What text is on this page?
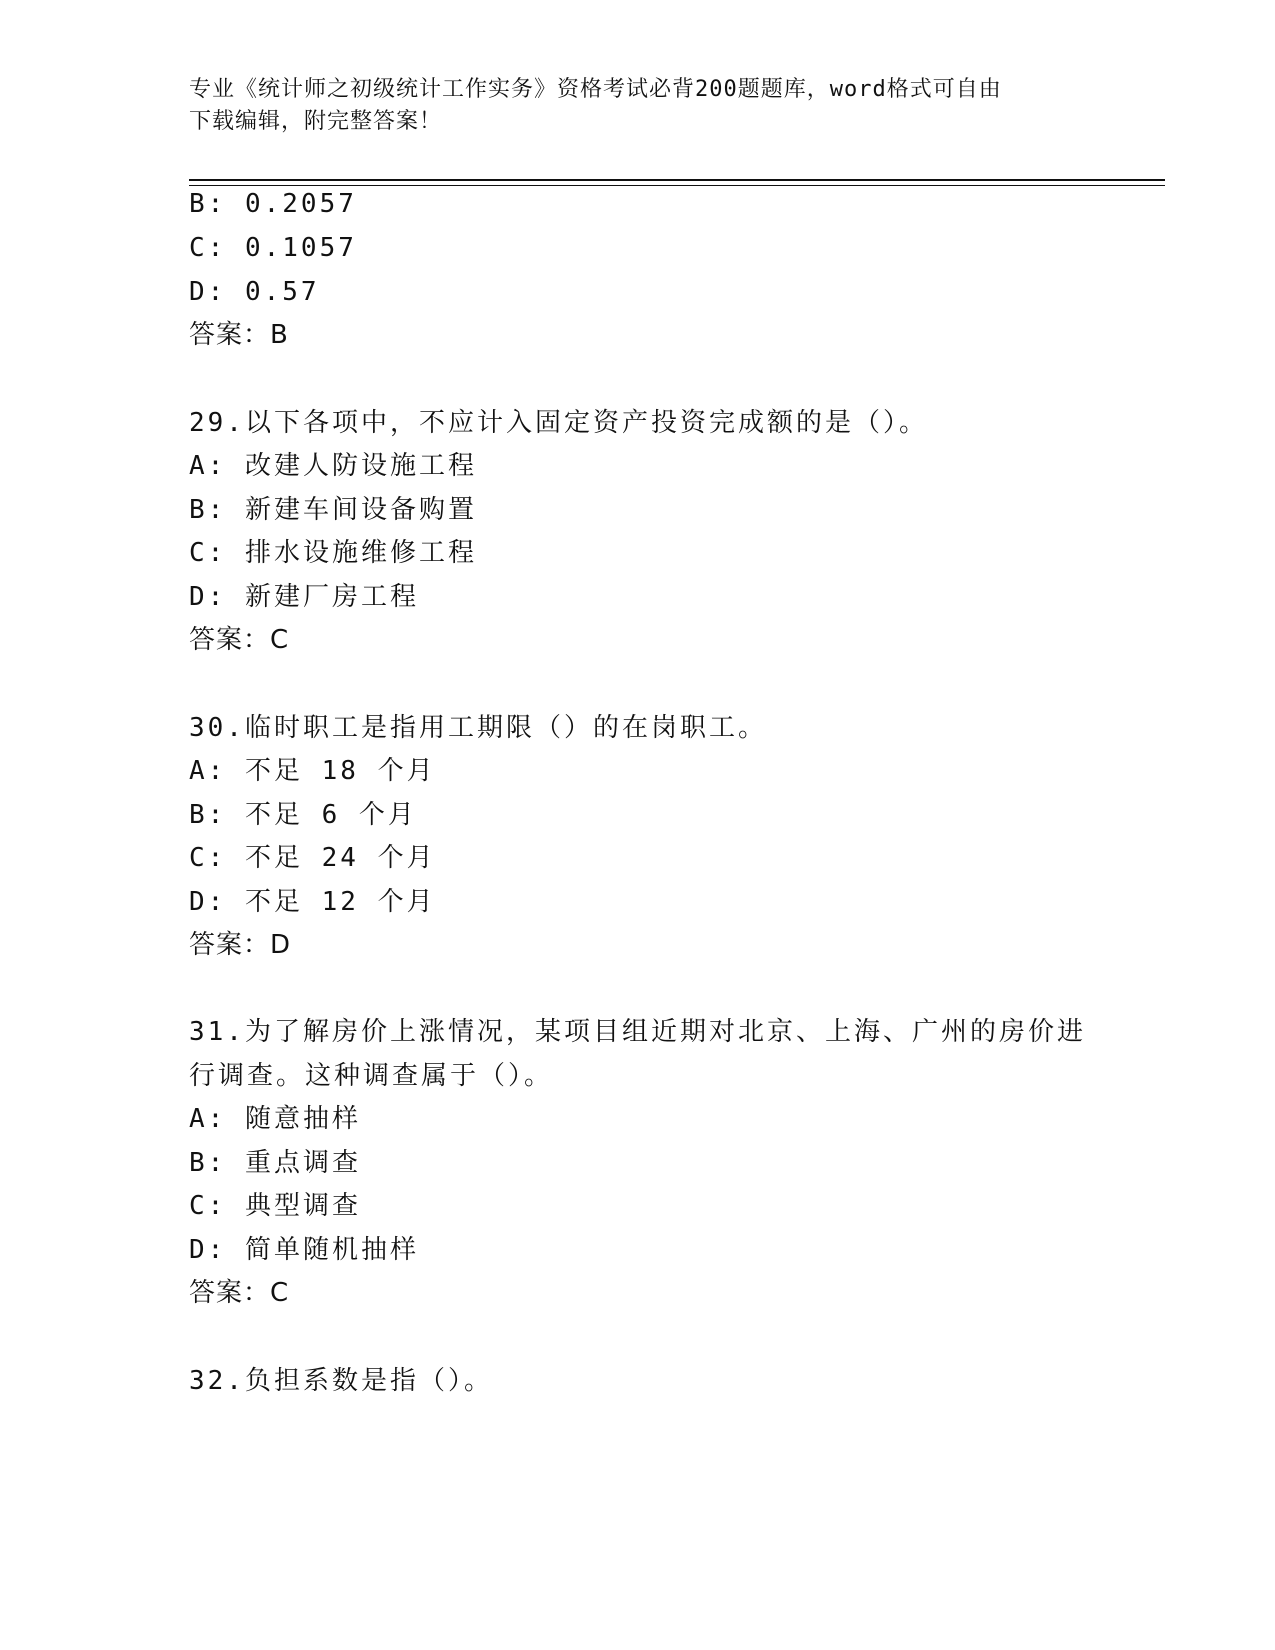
专业《统计师之初级统计工作实务》资格考试必背200题题库，word格式可自由
下载编辑，附完整答案！
B: 0.2057
C: 0.1057
D: 0.57
答案：B
29.以下各项中，不应计入固定资产投资完成额的是（）。
A: 改建人防设施工程
B: 新建车间设备购置
C: 排水设施维修工程
D: 新建厂房工程
答案：C
30.临时职工是指用工期限（）的在岗职工。
A: 不足 18 个月
B: 不足 6 个月
C: 不足 24 个月
D: 不足 12 个月
答案：D
31.为了解房价上涨情况，某项目组近期对北京、上海、广州的房价进
行调查。这种调查属于（）。
A: 随意抽样
B: 重点调查
C: 典型调查
D: 简单随机抽样
答案：C
32.负担系数是指（）。
